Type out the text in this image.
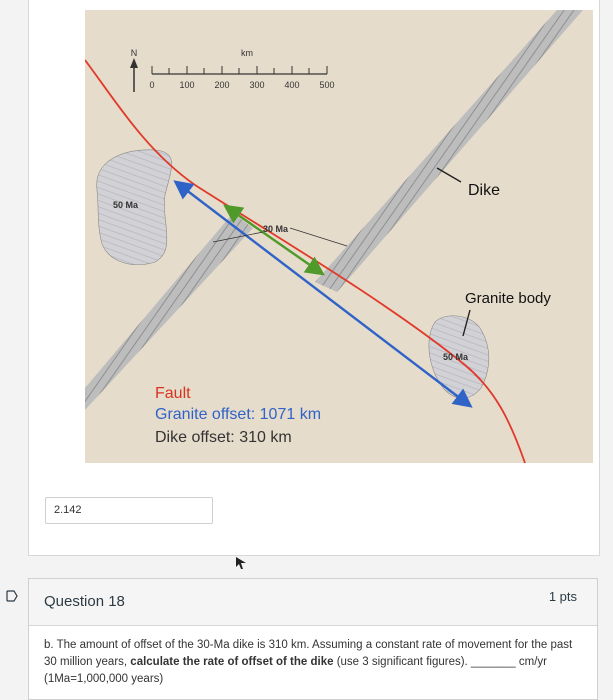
N	km
0	100 200 300 400 500
50 Ma
50 Ma
30 Ma
Dike
Granite body
Fault
Granite offset: 1071 km
Dike offset: 310 km
2.142
Question 18	1 pts
b. The amount of offset of the 30-Ma dike is 310 km. Assuming a constant rate of movement for the past 30 million years, calculate the rate of offset of the dike (use 3 significant figures). _______ cm/yr
(1Ma=1,000,000 years)
